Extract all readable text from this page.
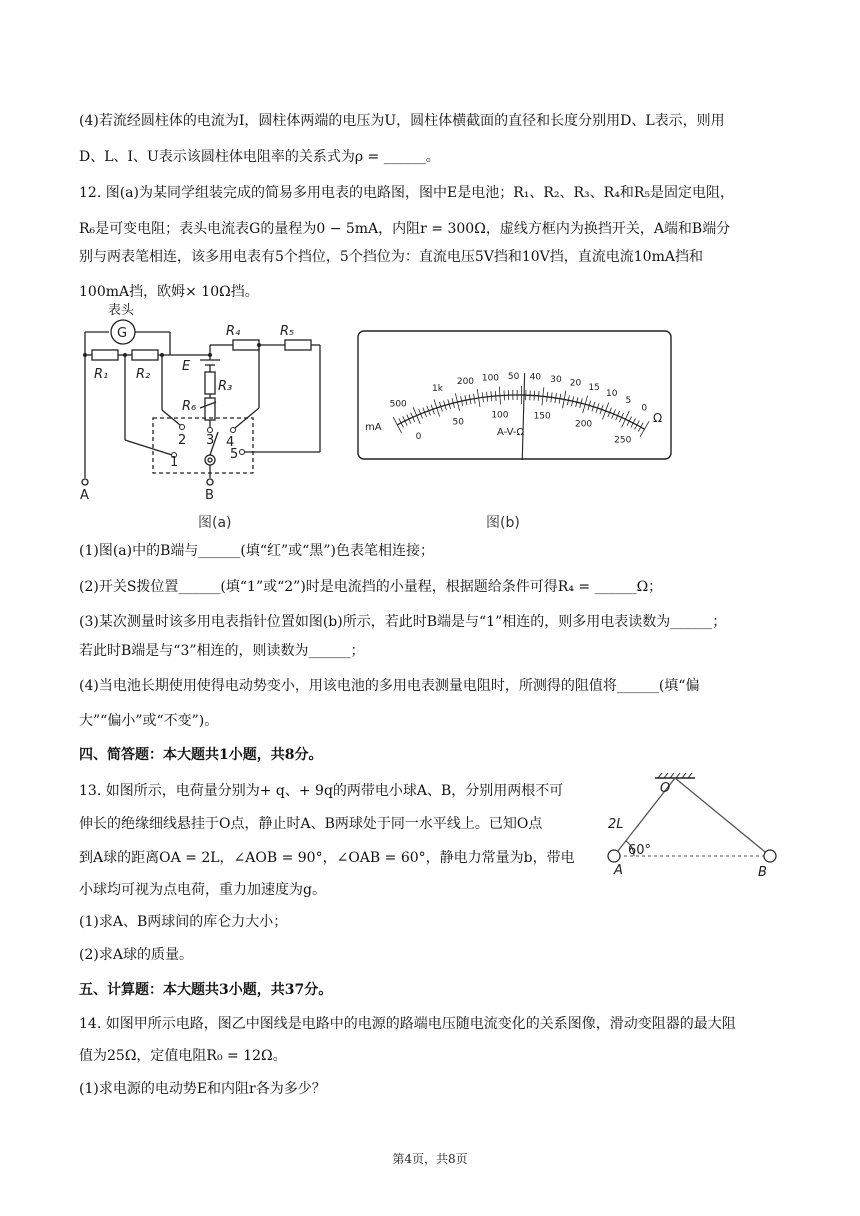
(4)若流经圆柱体的电流为I，圆柱体两端的电压为U，圆柱体横截面的直径和长度分别用D、L表示，则用

D、L、I、U表示该圆柱体电阻率的关系式为ρ = ______。

12. 图(a)为某同学组装完成的简易多用电表的电路图，图中E是电池；R₁、R₂、R₃、R₄和R₅是固定电阻，

R₆是可变电阻；表头电流表G的量程为0 − 5mA，内阻r = 300Ω，虚线方框内为换挡开关，A端和B端分

别与两表笔相连，该多用电表有5个挡位，5个挡位为：直流电压5V挡和10V挡，直流电流10mA挡和

100mA挡，欧姆× 10Ω挡。

表头
G
R₁ R₂
R₄	R₅
E
R₃
R₆
2 3 4
1
5
A	B
图(a)
500
1k
200 100 50 40 30 20 15
10
5
0
0
50
100	150
200
250
mA
Ω
A-V-Ω
图(b)

(1)图(a)中的B端与______(填“红”或“黑”)色表笔相连接；

(2)开关S拨位置______(填“1”或“2”)时是电流挡的小量程，根据题给条件可得R₄ = ______Ω；

(3)某次测量时该多用电表指针位置如图(b)所示，若此时B端是与“1”相连的，则多用电表读数为______；

若此时B端是与“3”相连的，则读数为______；

(4)当电池长期使用使得电动势变小，用该电池的多用电表测量电阻时，所测得的阻值将______(填“偏

大”“偏小”或“不变”)。

四、简答题：本大题共1小题，共8分。

13. 如图所示，电荷量分别为+ q、+ 9q的两带电小球A、B，分别用两根不可

伸长的绝缘细线悬挂于O点，静止时A、B两球处于同一水平线上。已知O点

到A球的距离OA = 2L，∠AOB = 90°，∠OAB = 60°，静电力常量为b，带电

小球均可视为点电荷，重力加速度为g。

(1)求A、B两球间的库仑力大小；

(2)求A球的质量。

O
2L
60°
A	B

五、计算题：本大题共3小题，共37分。

14. 如图甲所示电路，图乙中图线是电路中的电源的路端电压随电流变化的关系图像，滑动变阻器的最大阻

值为25Ω，定值电阻R₀ = 12Ω。

(1)求电源的电动势E和内阻r各为多少？

第4页，共8页
